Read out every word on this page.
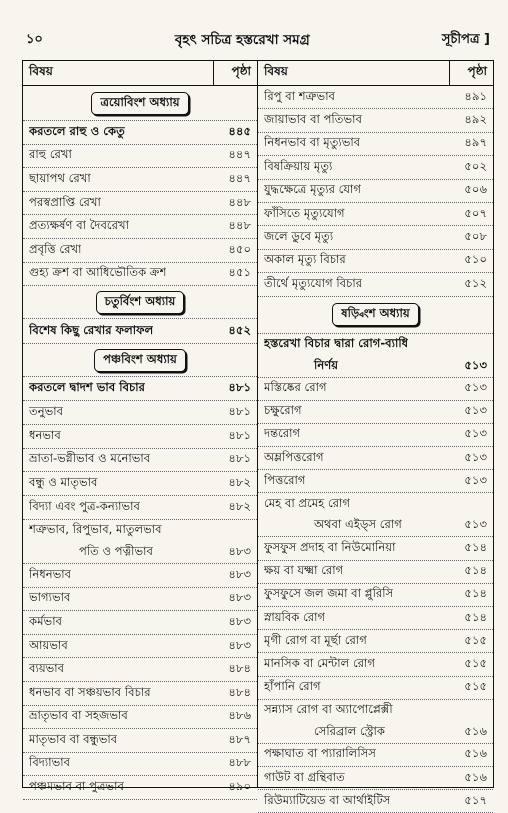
১০	বৃহৎ সচিত্র হস্তরেখা সমগ্র	সূচীপত্র ]
বিষয়	পৃষ্ঠা
ত্রয়োবিংশ অধ্যায়
করতলে রাহু ও কেতু	৪৪৫
রাহু রেখা	৪৪৭
ছায়াপথ রেখা	৪৪৭
পরস্বপ্রাপ্তি রেখা	৪৪৮
প্রত্যক্ষর্ষণ বা দৈবরেখা	৪৪৮
প্রবৃত্তি রেখা	৪৫০
গুহ্য ক্রশ বা আধিভৌতিক ক্রশ	৪৫১
চতুর্বিংশ অধ্যায়
বিশেষ কিছু রেখার ফলাফল	৪৫২
পঞ্চবিংশ অধ্যায়
করতলে দ্বাদশ ভাব বিচার	৪৮১
তনুভাব	৪৮১
ধনভাব	৪৮১
ভ্রাতা-ভগ্নীভাব ও মনোভাব	৪৮১
বন্ধু ও মাতৃভাব	৪৮২
বিদ্যা এবং পুত্র-কন্যাভাব	৪৮২
শত্রুভাব, রিপুভাব, মাতুলভাব
পতি ও পত্নীভাব	৪৮৩
নিধনভাব	৪৮৩
ভাগ্যভাব	৪৮৩
কর্মভাব	৪৮৩
আয়ভাব	৪৮৩
ব্যয়ভাব	৪৮৪
ধনভাব বা সঞ্চয়ভাব বিচার	৪৮৪
ভ্রাতৃভাব বা সহজভাব	৪৮৬
মাতৃভাব বা বন্ধুভাব	৪৮৭
বিদ্যাভাব	৪৮৮
পঞ্চমভাব বা পুত্রভাব	৪৯০
বিষয়	পৃষ্ঠা
রিপু বা শত্রুভাব	৪৯১
জায়াভাব বা পতিভাব	৪৯২
নিধনভাব বা মৃত্যুভাব	৪৯৭
বিষক্রিয়ায় মৃত্যু	৫০২
যুদ্ধক্ষেত্রে মৃত্যুর যোগ	৫০৬
ফাঁসিতে মৃত্যুযোগ	৫০৭
জলে ডুবে মৃত্যু	৫০৮
অকাল মৃত্যু বিচার	৫১০
তীর্থে মৃত্যুযোগ বিচার	৫১২
ষড়্বিংশ অধ্যায়
হস্তরেখা বিচার দ্বারা রোগ-ব্যাধি
নির্ণয়	৫১৩
মস্তিষ্কের রোগ	৫১৩
চক্ষুরোগ	৫১৩
দন্তরোগ	৫১৩
অম্লপিত্তরোগ	৫১৩
পিত্তরোগ	৫১৩
মেহ বা প্রমেহ রোগ
অথবা এইড্স রোগ	৫১৩
ফুসফুস প্রদাহ বা নিউমোনিয়া	৫১৪
ক্ষয় বা যক্ষ্মা রোগ	৫১৪
ফুসফুসে জল জমা বা প্লুরিসি	৫১৪
স্নায়বিক রোগ	৫১৪
মৃগী রোগ বা মূর্ছা রোগ	৫১৫
মানসিক বা মেন্টাল রোগ	৫১৫
হাঁপানি রোগ	৫১৫
সন্ন্যাস রোগ বা অ্যাপোপ্লেক্সী
সেরিব্রাল স্ট্রোক	৫১৬
পক্ষাঘাত বা প্যারালিসিস	৫১৬
গাউট বা গ্রন্থিবাত	৫১৬
রিউম্যাটিয়েড বা আর্থাইটিস	৫১৭
